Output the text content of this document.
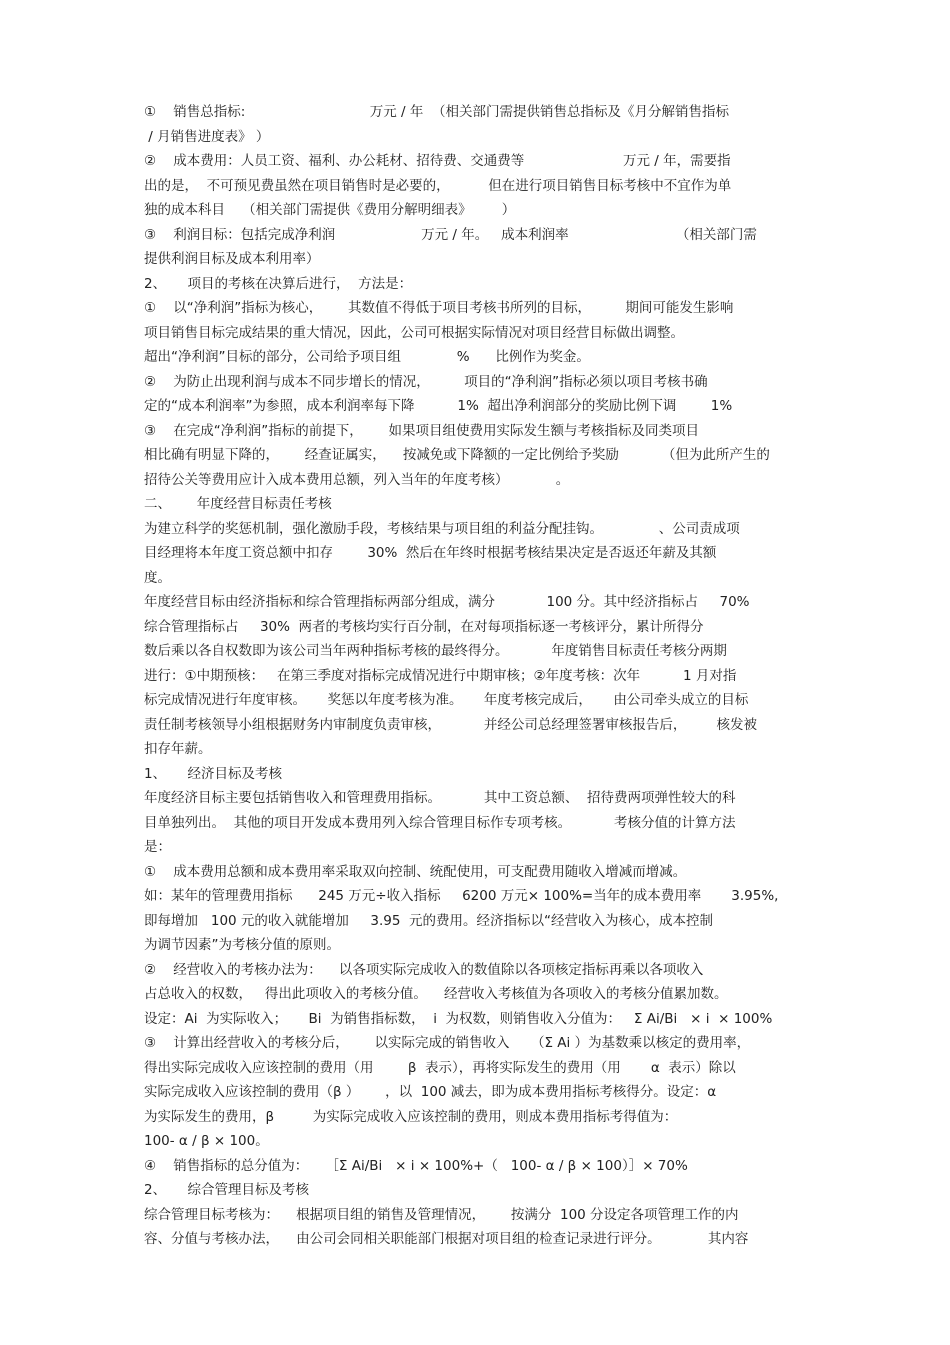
①    销售总指标:                             万元 / 年  （相关部门需提供销售总指标及《月分解销售指标
/ 月销售进度表》 ）
②    成本费用：人员工资、福利、办公耗材、招待费、交通费等                       万元 / 年，需要指
出的是，  不可预见费虽然在项目销售时是必要的，         但在进行项目销售目标考核中不宜作为单
独的成本科目    （相关部门需提供《费用分解明细表》       ）
③    利润目标：包括完成净利润                    万元 / 年。   成本利润率                         （相关部门需
提供利润目标及成本利用率）
2、     项目的考核在决算后进行，  方法是：
①    以“净利润”指标为核心，      其数值不得低于项目考核书所列的目标，        期间可能发生影响
项目销售目标完成结果的重大情况，因此，公司可根据实际情况对项目经营目标做出调整。
超出“净利润”目标的部分，公司给予项目组             %      比例作为奖金。
②    为防止出现利润与成本不同步增长的情况，        项目的“净利润”指标必须以项目考核书确
定的“成本利润率”为参照，成本利润率每下降          1%  超出净利润部分的奖励比例下调        1%
③    在完成“净利润”指标的前提下，      如果项目组使费用实际发生额与考核指标及同类项目
相比确有明显下降的，      经查证属实，    按减免或下降额的一定比例给予奖励          （但为此所产生的
招待公关等费用应计入成本费用总额，列入当年的年度考核）           。
二、      年度经营目标责任考核
为建立科学的奖惩机制，强化激励手段，考核结果与项目组的利益分配挂钩。             、公司责成项
目经理将本年度工资总额中扣存        30%  然后在年终时根据考核结果决定是否返还年薪及其额
度。
年度经营目标由经济指标和综合管理指标两部分组成，满分            100 分。其中经济指标占     70%
综合管理指标占     30%  两者的考核均实行百分制，在对每项指标逐一考核评分，累计所得分
数后乘以各自权数即为该公司当年两种指标考核的最终得分。          年度销售目标责任考核分两期
进行：①中期预核：   在第三季度对指标完成情况进行中期审核；②年度考核：次年          1 月对指
标完成情况进行年度审核。     奖惩以年度考核为准。     年度考核完成后，     由公司牵头成立的目标
责任制考核领导小组根据财务内审制度负责审核，          并经公司总经理签署审核报告后，       核发被
扣存年薪。
1、     经济目标及考核
年度经济目标主要包括销售收入和管理费用指标。          其中工资总额、  招待费两项弹性较大的科
目单独列出。  其他的项目开发成本费用列入综合管理目标作专项考核。          考核分值的计算方法
是：
①    成本费用总额和成本费用率采取双向控制、统配使用，可支配费用随收入增减而增减。
如：某年的管理费用指标      245 万元÷收入指标     6200 万元× 100%=当年的成本费用率       3.95%,
即每增加   100 元的收入就能增加     3.95  元的费用。经济指标以“经营收入为核心，成本控制
为调节因素”为考核分值的原则。
②    经营收入的考核办法为：    以各项实际完成收入的数值除以各项核定指标再乘以各项收入
占总收入的权数，   得出此项收入的考核分值。    经营收入考核值为各项收入的考核分值累加数。
设定：Ai  为实际收入；     Bi  为销售指标数，  i  为权数，则销售收入分值为：   Σ Ai/Bi   × i  × 100%
③    计算出经营收入的考核分后，      以实际完成的销售收入     （Σ Ai ）为基数乘以核定的费用率，
得出实际完成收入应该控制的费用（用        β  表示），再将实际发生的费用（用       α  表示）除以
实际完成收入应该控制的费用（β ）      ，以  100 减去，即为成本费用指标考核得分。设定：α
为实际发生的费用，β         为实际完成收入应该控制的费用，则成本费用指标考得值为：
100- α / β × 100。
④    销售指标的总分值为：    ［Σ Ai/Bi   × i × 100%+（   100- α / β × 100）］× 70%
2、     综合管理目标及考核
综合管理目标考核为：    根据项目组的销售及管理情况，      按满分  100 分设定各项管理工作的内
容、分值与考核办法，    由公司会同相关职能部门根据对项目组的检查记录进行评分。           其内容
